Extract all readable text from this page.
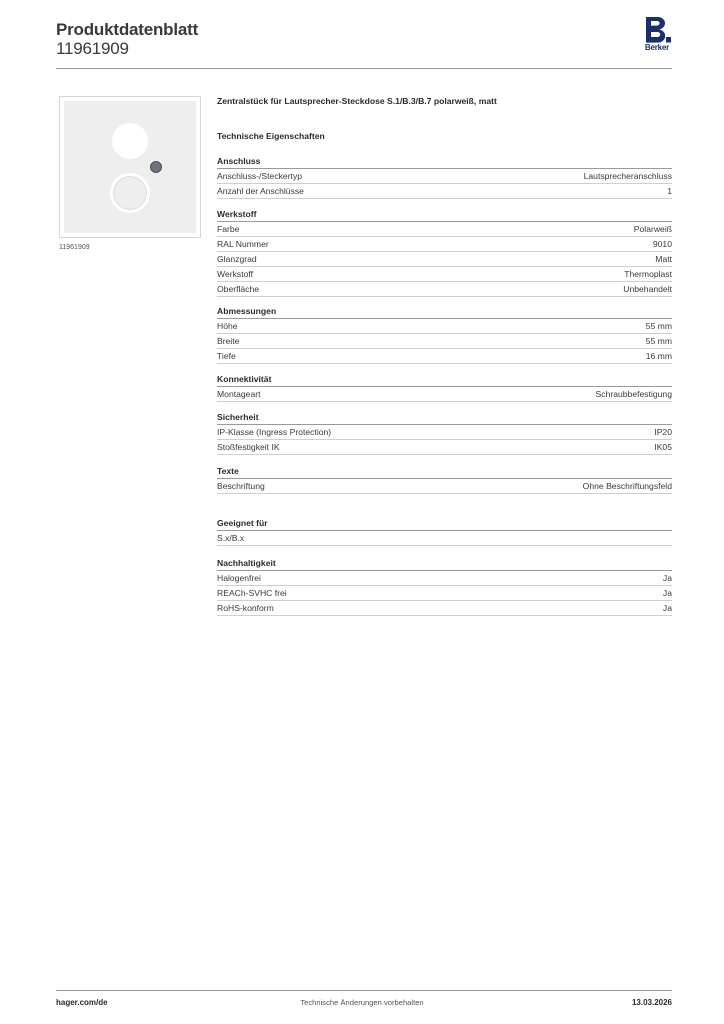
Produktdatenblatt
11961909	Berker
11961909
Zentralstück für Lautsprecher-Steckdose S.1/B.3/B.7 polarweiß, matt
Technische Eigenschaften
Anschluss
Anschluss-/Steckertyp	Lautsprecheranschluss
Anzahl der Anschlüsse	1
Werkstoff
Farbe	Polarweiß
RAL Nummer	9010
Glanzgrad	Matt
Werkstoff	Thermoplast
Oberfläche	Unbehandelt
Abmessungen
Höhe	55 mm
Breite	55 mm
Tiefe	16 mm
Konnektivität
Montageart	Schraubbefestigung
Sicherheit
IP-Klasse (Ingress Protection)	IP20
Stoßfestigkeit IK	IK05
Texte
Beschriftung	Ohne Beschriftungsfeld
Geeignet für
S.x/B.x
Nachhaltigkeit
Halogenfrei	Ja
REACh-SVHC frei	Ja
RoHS-konform	Ja
hager.com/de	Technische Änderungen vorbehalten	13.03.2026
